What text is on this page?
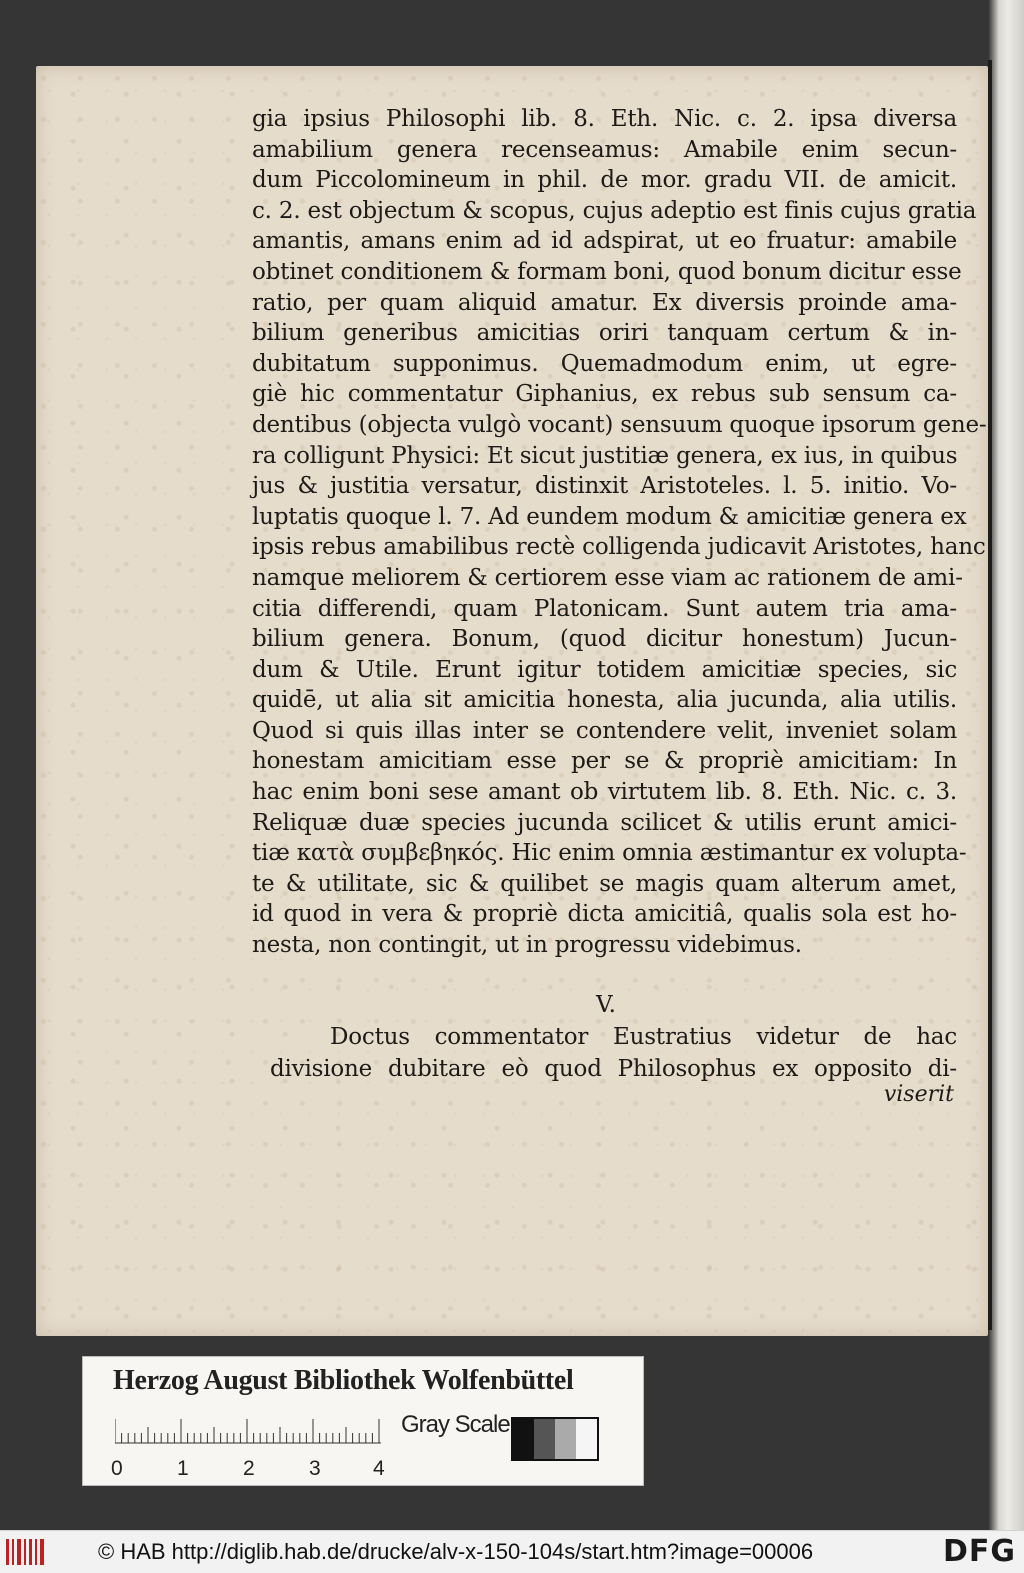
gia ipsius Philosophi lib. 8. Eth. Nic. c. 2. ipsa diversa
amabilium genera recenseamus: Amabile enim secun-
dum Piccolomineum in phil. de mor. gradu VII. de amicit.
c. 2. est objectum & scopus, cujus adeptio est finis cujus gratia
amantis, amans enim ad id adspirat, ut eo fruatur: amabile
obtinet conditionem & formam boni, quod bonum dicitur esse
ratio, per quam aliquid amatur. Ex diversis proinde ama-
bilium generibus amicitias oriri tanquam certum & in-
dubitatum supponimus. Quemadmodum enim, ut egre-
giè hic commentatur Giphanius, ex rebus sub sensum ca-
dentibus (objecta vulgò vocant) sensuum quoque ipsorum gene-
ra colligunt Physici: Et sicut justitiæ genera, ex ius, in quibus
jus & justitia versatur, distinxit Aristoteles. l. 5. initio. Vo-
luptatis quoque l. 7. Ad eundem modum & amicitiæ genera ex
ipsis rebus amabilibus rectè colligenda judicavit Aristotes, hanc
namque meliorem & certiorem esse viam ac rationem de ami-
citia differendi, quam Platonicam. Sunt autem tria ama-
bilium genera. Bonum, (quod dicitur honestum) Jucun-
dum & Utile. Erunt igitur totidem amicitiæ species, sic
quidē, ut alia sit amicitia honesta, alia jucunda, alia utilis.
Quod si quis illas inter se contendere velit, inveniet solam
honestam amicitiam esse per se & propriè amicitiam: In
hac enim boni sese amant ob virtutem lib. 8. Eth. Nic. c. 3.
Reliquæ duæ species jucunda scilicet & utilis erunt amici-
tiæ κατὰ συμβεβηκός. Hic enim omnia æstimantur ex volupta-
te & utilitate, sic & quilibet se magis quam alterum amet,
id quod in vera & propriè dicta amicitiâ, qualis sola est ho-
nesta, non contingit, ut in progressu videbimus.
V.
Doctus commentator Eustratius videtur de hac
divisione dubitare eò quod Philosophus ex opposito di-
viserit
Herzog August Bibliothek Wolfenbüttel
Gray Scale
0	1	2	3 4
© HAB http://diglib.hab.de/drucke/alv-x-150-104s/start.htm?image=00006	DFG
